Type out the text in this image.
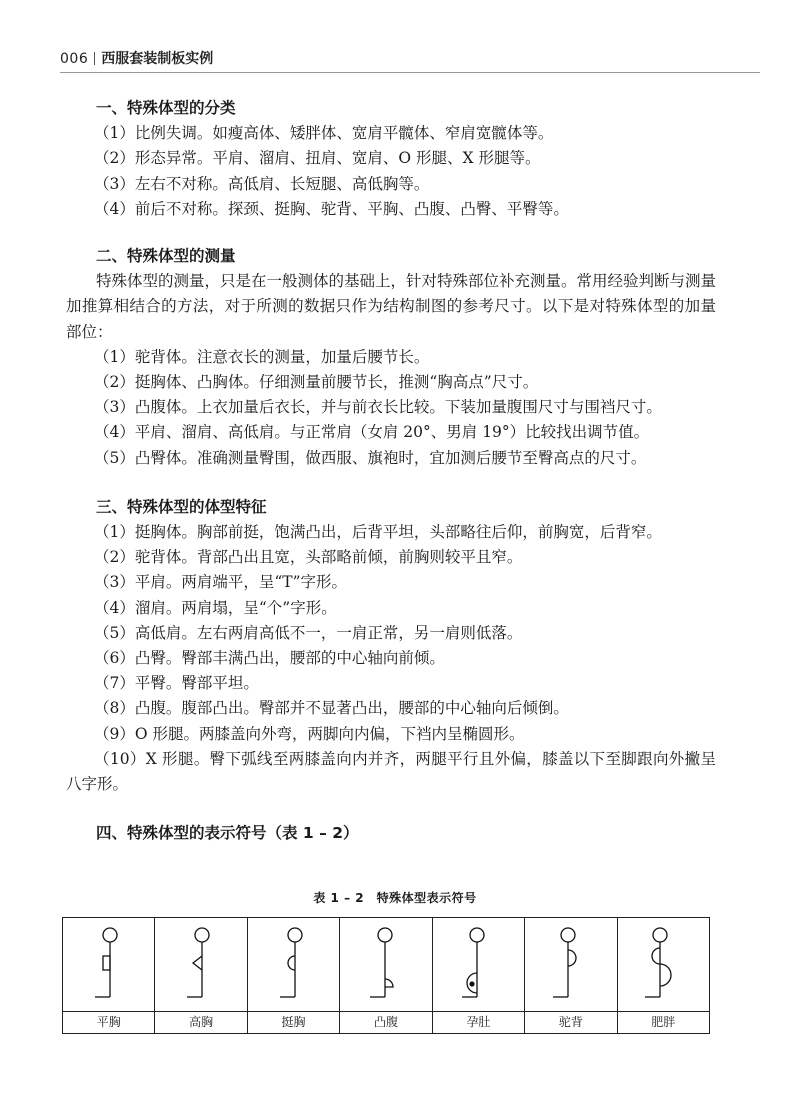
006 西服套装制板实例
一、特殊体型的分类
（1）比例失调。如瘦高体、矮胖体、宽肩平髋体、窄肩宽髋体等。
（2）形态异常。平肩、溜肩、扭肩、宽肩、O 形腿、X 形腿等。
（3）左右不对称。高低肩、长短腿、高低胸等。
（4）前后不对称。探颈、挺胸、驼背、平胸、凸腹、凸臀、平臀等。
二、特殊体型的测量

特殊体型的测量，只是在一般测体的基础上，针对特殊部位补充测量。常用经验判断与测量加推算相结合的方法，对于所测的数据只作为结构制图的参考尺寸。以下是对特殊体型的加量部位：

（1）驼背体。注意衣长的测量，加量后腰节长。
（2）挺胸体、凸胸体。仔细测量前腰节长，推测“胸高点”尺寸。
（3）凸腹体。上衣加量后衣长，并与前衣长比较。下装加量腹围尺寸与围裆尺寸。
（4）平肩、溜肩、高低肩。与正常肩（女肩 20°、男肩 19°）比较找出调节值。
（5）凸臀体。准确测量臀围，做西服、旗袍时，宜加测后腰节至臀高点的尺寸。
三、特殊体型的体型特征
（1）挺胸体。胸部前挺，饱满凸出，后背平坦，头部略往后仰，前胸宽，后背窄。
（2）驼背体。背部凸出且宽，头部略前倾，前胸则较平且窄。
（3）平肩。两肩端平，呈“T”字形。
（4）溜肩。两肩塌，呈“个”字形。
（5）高低肩。左右两肩高低不一，一肩正常，另一肩则低落。
（6）凸臀。臀部丰满凸出，腰部的中心轴向前倾。
（7）平臀。臀部平坦。
（8）凸腹。腹部凸出。臀部并不显著凸出，腰部的中心轴向后倾倒。
（9）O 形腿。两膝盖向外弯，两脚向内偏，下裆内呈椭圆形。
（10）X 形腿。臀下弧线至两膝盖向内并齐，两腿平行且外偏，膝盖以下至脚跟向外撇呈八字形。
四、特殊体型的表示符号（表 1 – 2）
表 1 – 2　特殊体型表示符号

平胸	高胸	挺胸	凸腹	孕肚	驼背	肥胖
